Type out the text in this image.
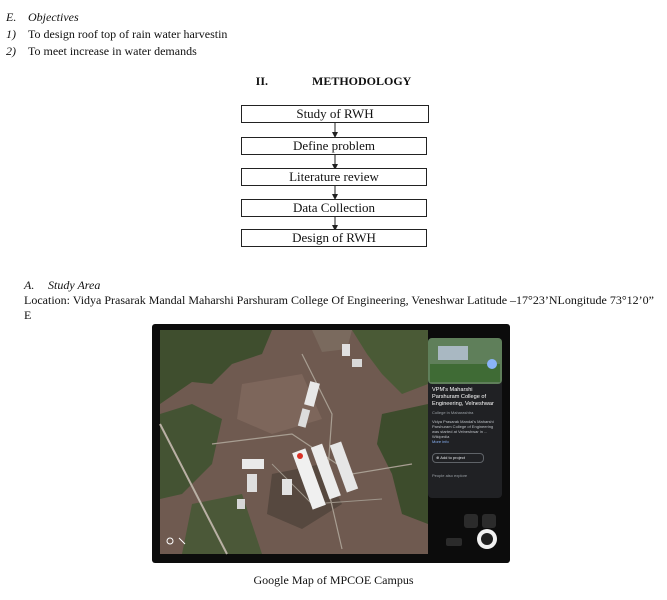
E. Objectives
1) To design roof top of rain water harvestin
2) To meet increase in water demands
II.	METHODOLOGY
Study of RWH
Define problem
Literature review
Data Collection
Design of RWH
A. Study Area
Location: Vidya Prasarak Mandal Maharshi Parshuram College Of Engineering, Veneshwar Latitude –17°23’NLongitude 73°12’0”
E
VPM's Maharshi Parshuram College of Engineering, Velneshwar
College in Maharashtra
Vidya Prasarak Mandal's Maharshi Parshuram College of Engineering was started at Velneshwar in ... Wikipedia
More info
⊕ Add to project
People also explore
Google Map of MPCOE Campus
